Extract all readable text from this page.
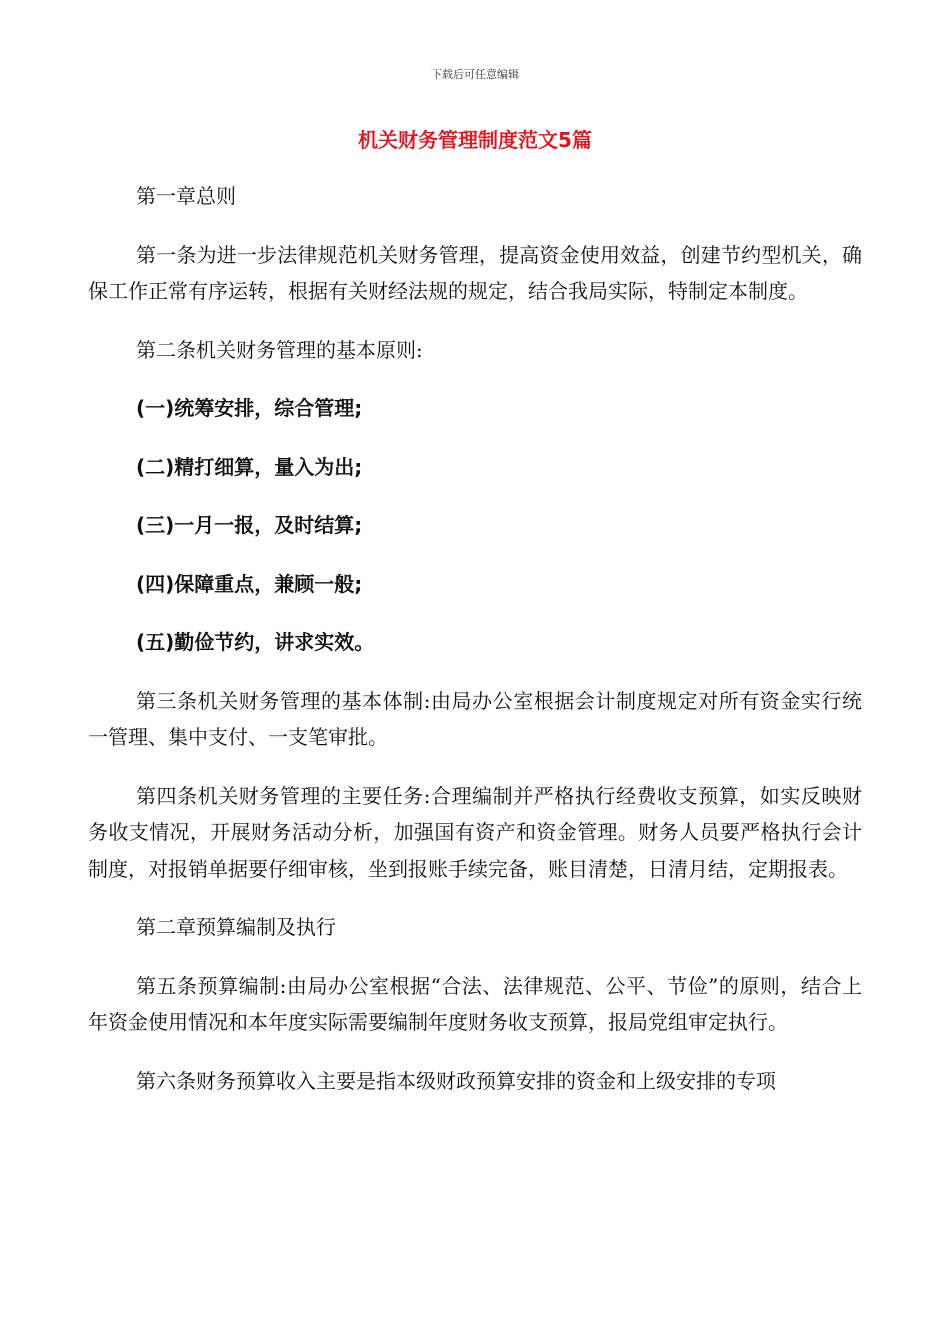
下载后可任意编辑
机关财务管理制度范文5篇

第一章总则

第一条为进一步法律规范机关财务管理，提高资金使用效益，创建节约型机关，确保工作正常有序运转，根据有关财经法规的规定，结合我局实际，特制定本制度。

第二条机关财务管理的基本原则:

(一)统筹安排，综合管理;

(二)精打细算，量入为出;

(三)一月一报，及时结算;

(四)保障重点，兼顾一般;

(五)勤俭节约，讲求实效。

第三条机关财务管理的基本体制:由局办公室根据会计制度规定对所有资金实行统一管理、集中支付、一支笔审批。

第四条机关财务管理的主要任务:合理编制并严格执行经费收支预算，如实反映财务收支情况，开展财务活动分析，加强国有资产和资金管理。财务人员要严格执行会计制度，对报销单据要仔细审核，坐到报账手续完备，账目清楚，日清月结，定期报表。

第二章预算编制及执行

第五条预算编制:由局办公室根据“合法、法律规范、公平、节俭”的原则，结合上年资金使用情况和本年度实际需要编制年度财务收支预算，报局党组审定执行。

第六条财务预算收入主要是指本级财政预算安排的资金和上级安排的专项
